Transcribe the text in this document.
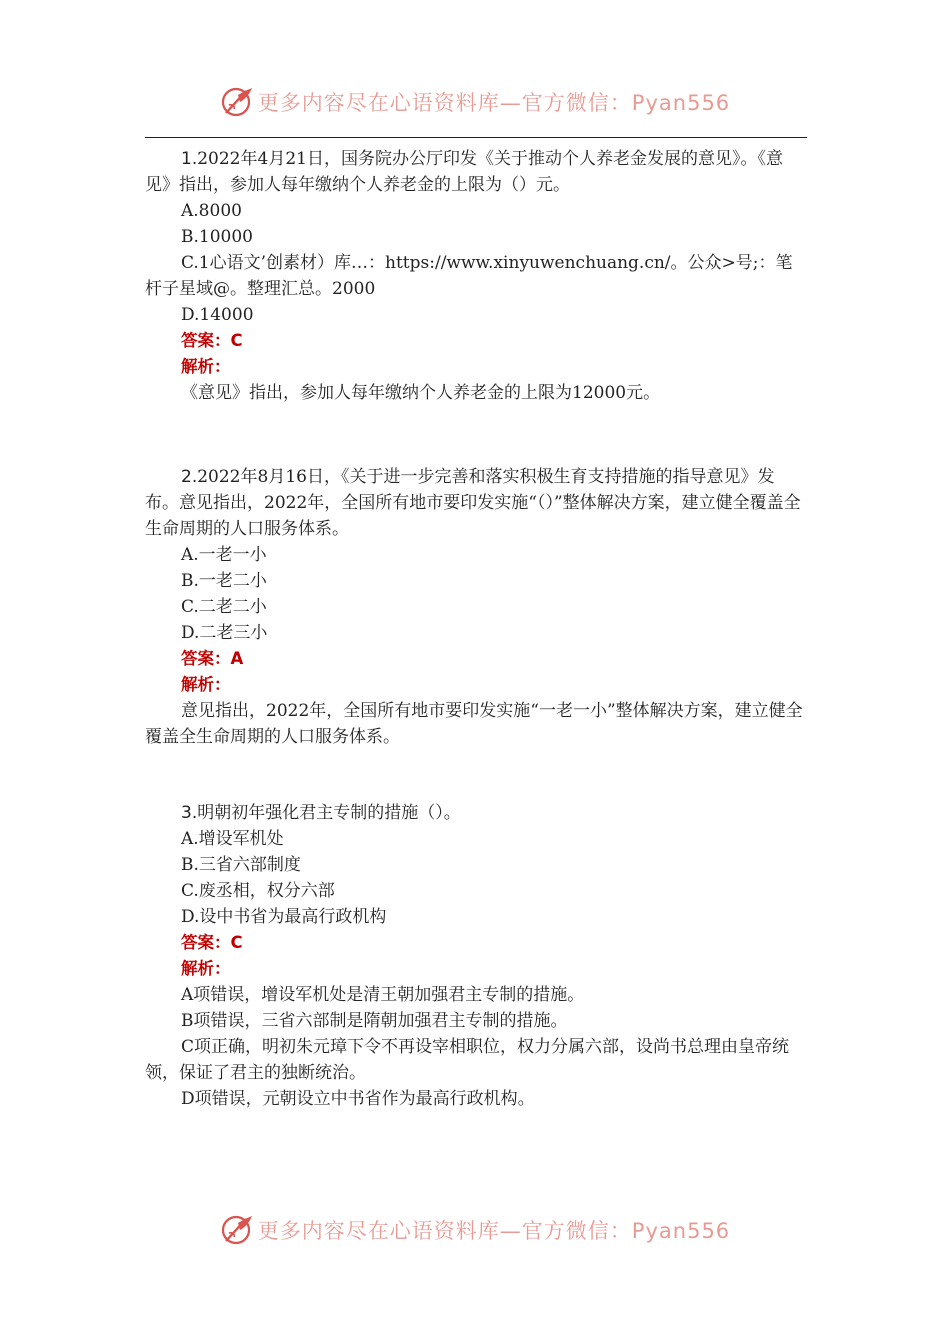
更多内容尽在心语资料库—官方微信：Pyan556

1.2022年4月21日，国务院办公厅印发《关于推动个人养老金发展的意见》。《意见》指出，参加人每年缴纳个人养老金的上限为（）元。

A.8000

B.10000

C.1心语文’创素材）库…：https://www.xinyuwenchuang.cn/。公众>号;：笔杆子星域@。整理汇总。2000

D.14000

答案：C

解析：

《意见》指出，参加人每年缴纳个人养老金的上限为12000元。

2.2022年8月16日，《关于进一步完善和落实积极生育支持措施的指导意见》发布。意见指出，2022年，全国所有地市要印发实施“（）”整体解决方案，建立健全覆盖全生命周期的人口服务体系。

A.一老一小

B.一老二小

C.二老二小

D.二老三小

答案：A

解析：

意见指出，2022年，全国所有地市要印发实施“一老一小”整体解决方案，建立健全覆盖全生命周期的人口服务体系。

3.明朝初年强化君主专制的措施（）。

A.增设军机处

B.三省六部制度

C.废丞相，权分六部

D.设中书省为最高行政机构

答案：C

解析：

A项错误，增设军机处是清王朝加强君主专制的措施。

B项错误，三省六部制是隋朝加强君主专制的措施。

C项正确，明初朱元璋下令不再设宰相职位，权力分属六部，设尚书总理由皇帝统领，保证了君主的独断统治。

D项错误，元朝设立中书省作为最高行政机构。

更多内容尽在心语资料库—官方微信：Pyan556
